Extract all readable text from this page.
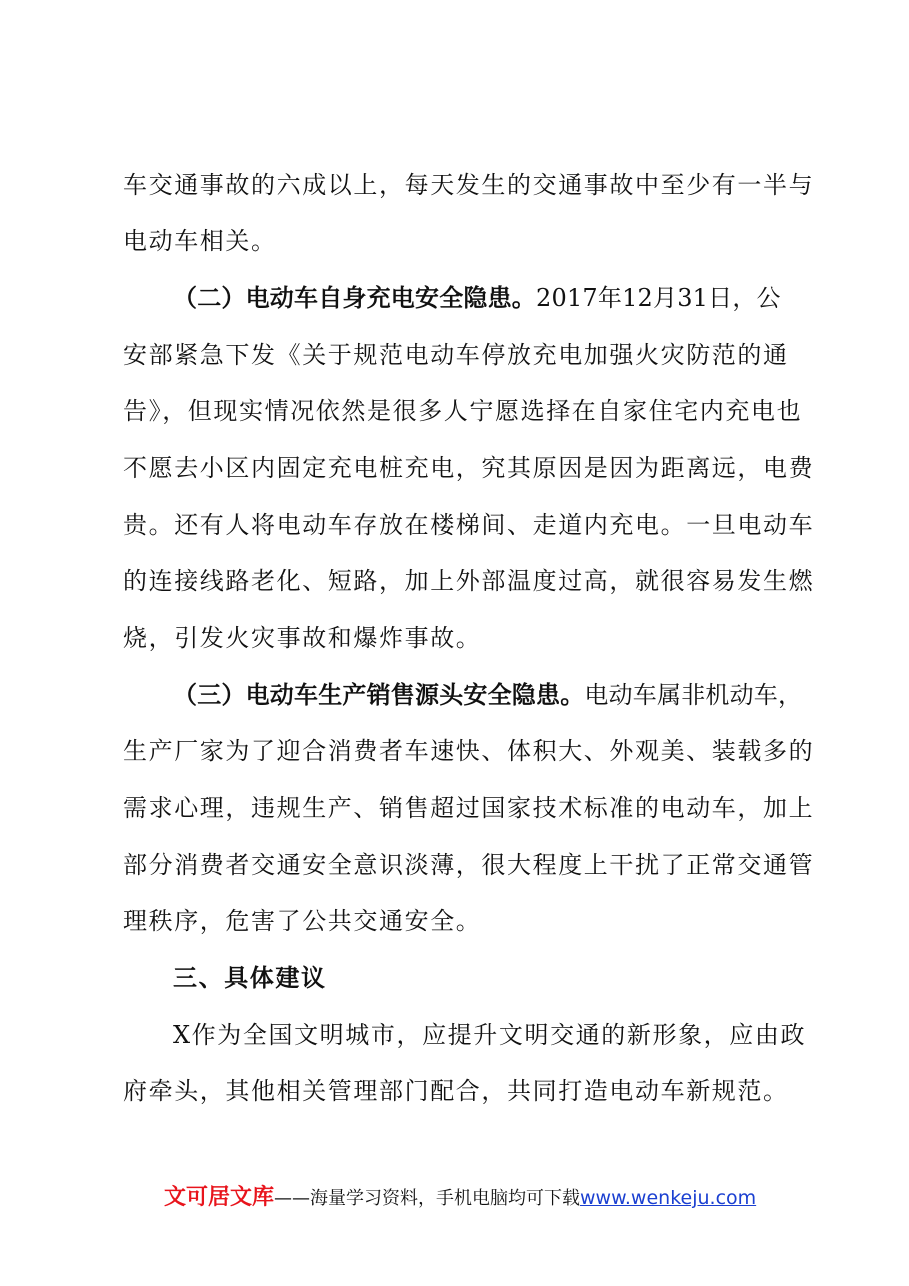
车交通事故的六成以上，每天发生的交通事故中至少有一半与
电动车相关。
（二）电动车自身充电安全隐患。2017年12月31日，公
安部紧急下发《关于规范电动车停放充电加强火灾防范的通
告》，但现实情况依然是很多人宁愿选择在自家住宅内充电也
不愿去小区内固定充电桩充电，究其原因是因为距离远，电费
贵。还有人将电动车存放在楼梯间、走道内充电。一旦电动车
的连接线路老化、短路，加上外部温度过高，就很容易发生燃
烧，引发火灾事故和爆炸事故。
（三）电动车生产销售源头安全隐患。电动车属非机动车，
生产厂家为了迎合消费者车速快、体积大、外观美、装载多的
需求心理，违规生产、销售超过国家技术标准的电动车，加上
部分消费者交通安全意识淡薄，很大程度上干扰了正常交通管
理秩序，危害了公共交通安全。
三、具体建议
X作为全国文明城市，应提升文明交通的新形象，应由政
府牵头，其他相关管理部门配合，共同打造电动车新规范。
文可居文库——海量学习资料，手机电脑均可下载www.wenkeju.com
